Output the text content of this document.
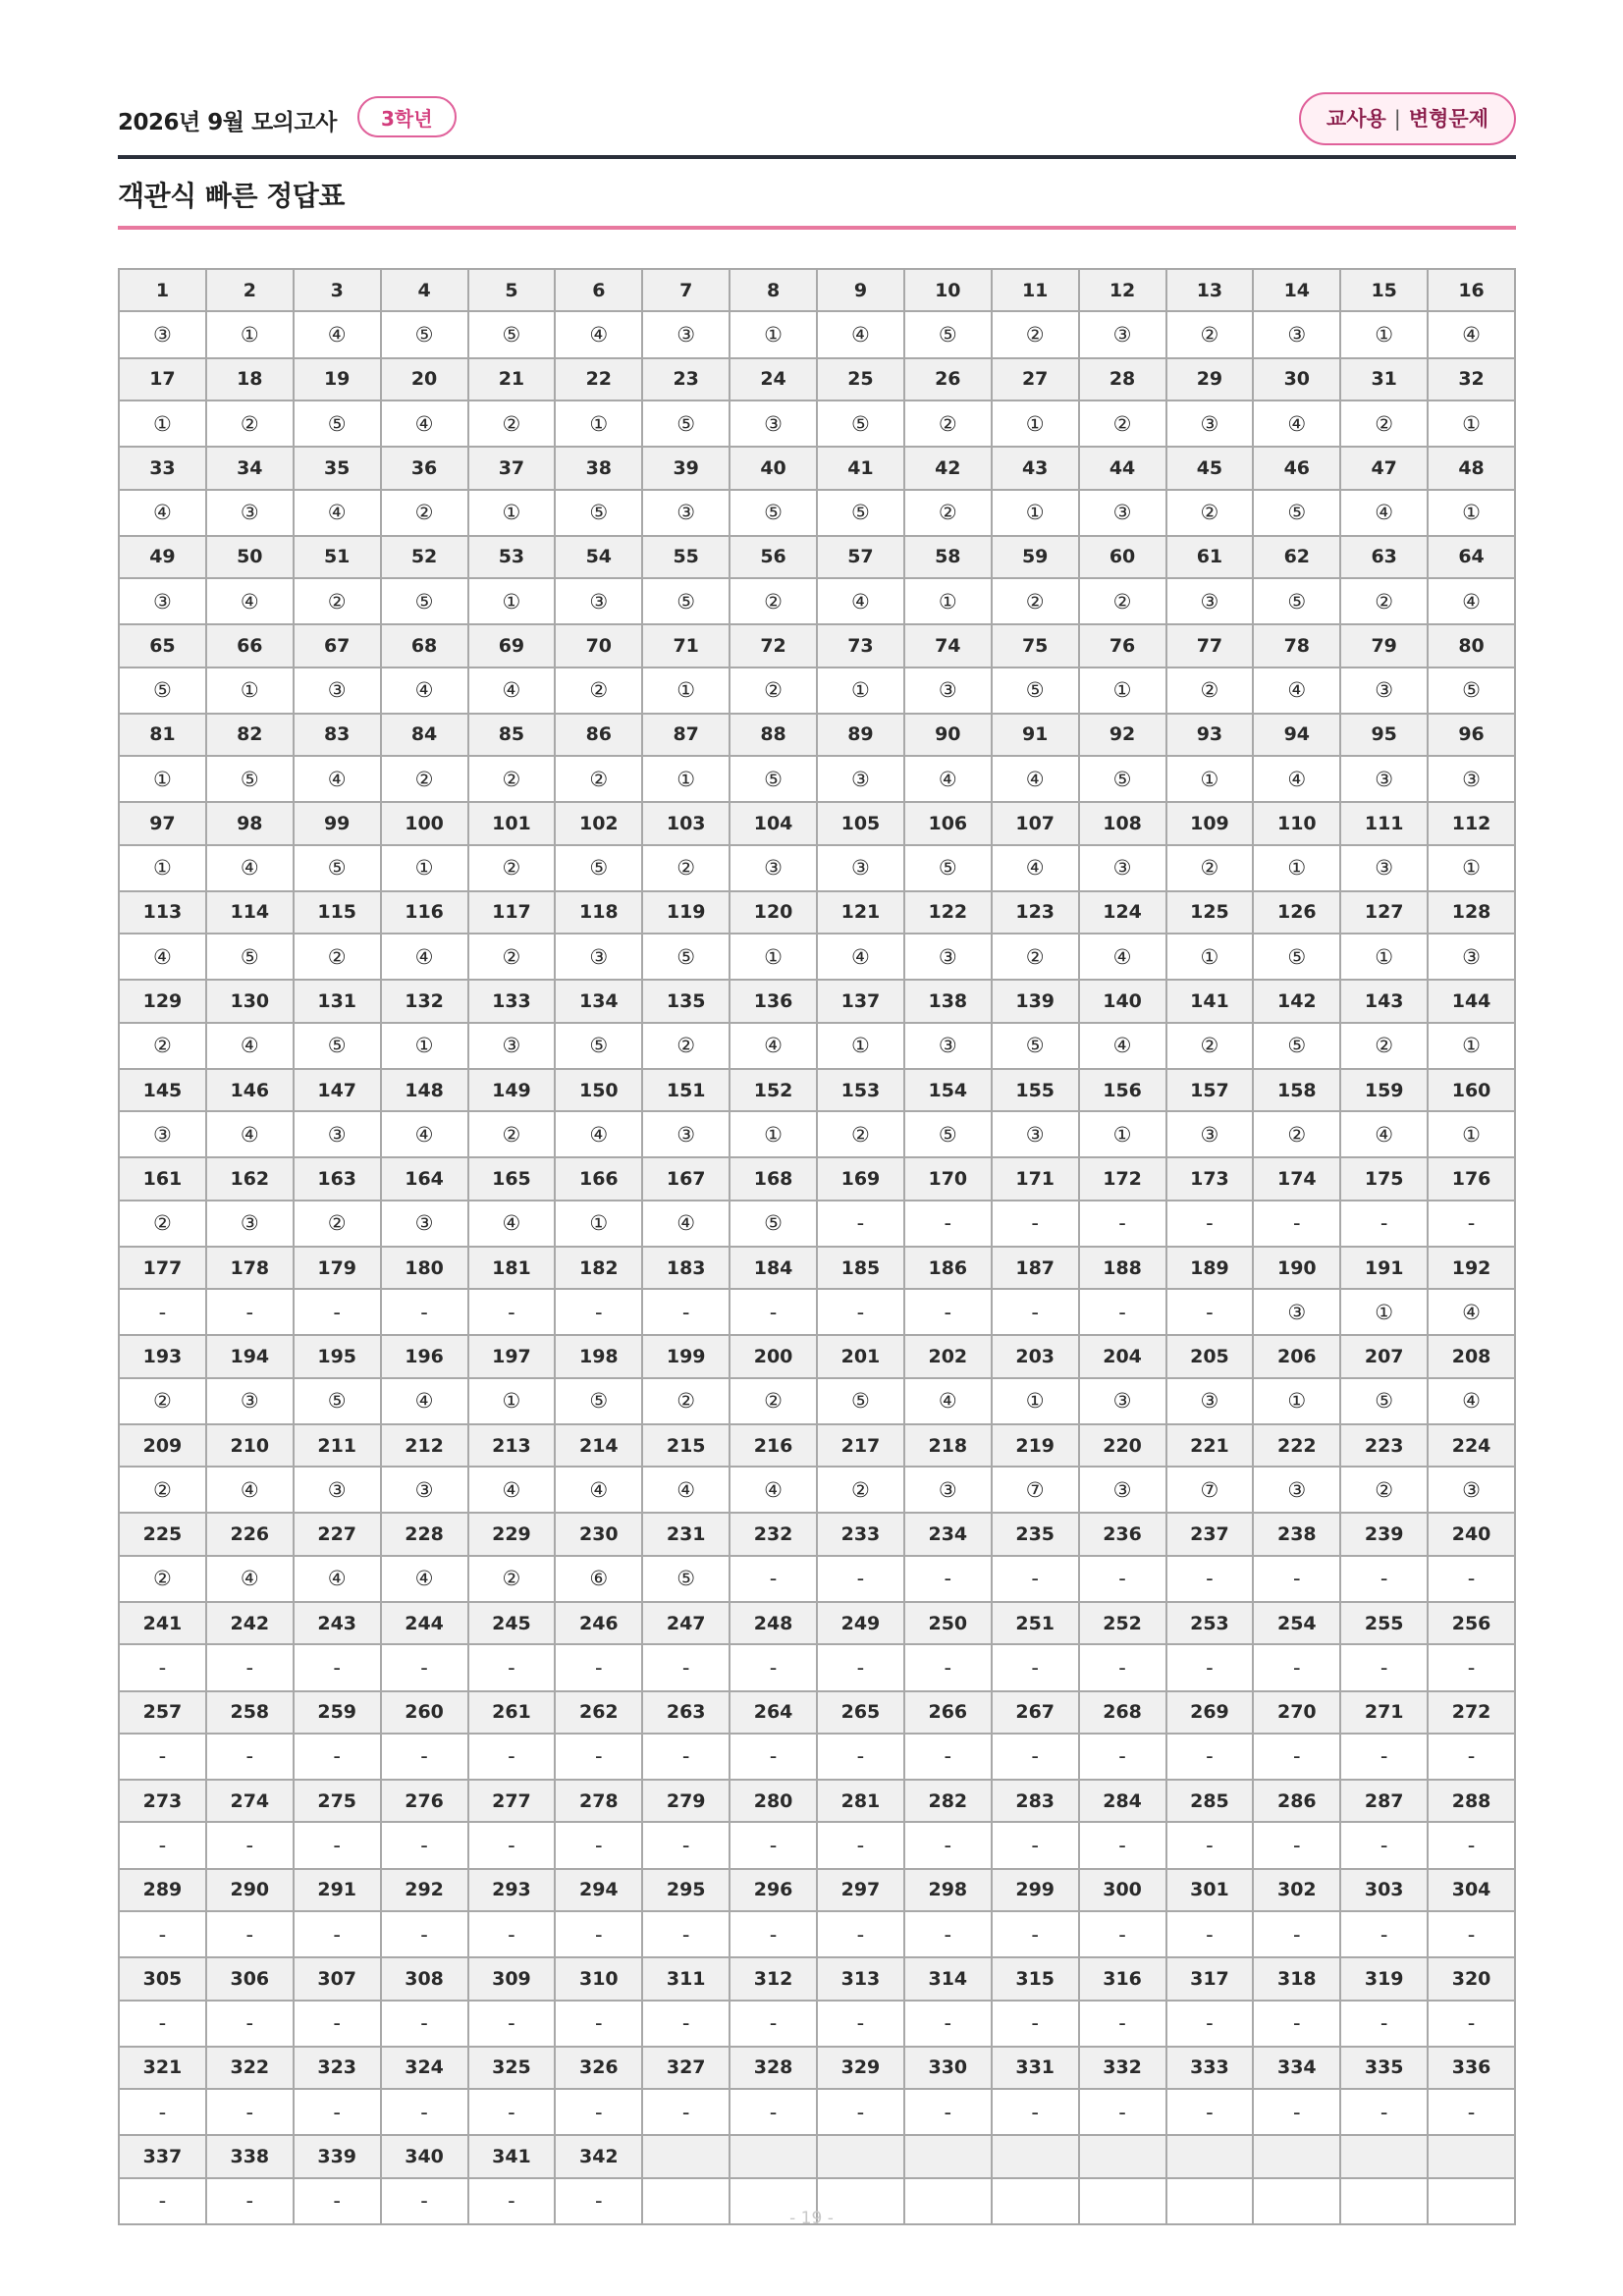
2026년 9월 모의고사	3학년	교사용 | 변형문제
객관식 빠른 정답표
1	2	3	4	5	6	7	8	9	10	11	12	13	14	15	16
③	①	④	⑤	⑤	④	③	①	④	⑤	②	③	②	③	①	④
17	18	19	20	21	22	23	24	25	26	27	28	29	30	31	32
①	②	⑤	④	②	①	⑤	③	⑤	②	①	②	③	④	②	①
33	34	35	36	37	38	39	40	41	42	43	44	45	46	47	48
④	③	④	②	①	⑤	③	⑤	⑤	②	①	③	②	⑤	④	①
49	50	51	52	53	54	55	56	57	58	59	60	61	62	63	64
③	④	②	⑤	①	③	⑤	②	④	①	②	②	③	⑤	②	④
65	66	67	68	69	70	71	72	73	74	75	76	77	78	79	80
⑤	①	③	④	④	②	①	②	①	③	⑤	①	②	④	③	⑤
81	82	83	84	85	86	87	88	89	90	91	92	93	94	95	96
①	⑤	④	②	②	②	①	⑤	③	④	④	⑤	①	④	③	③
97	98	99	100	101	102	103	104	105	106	107	108	109	110	111	112
①	④	⑤	①	②	⑤	②	③	③	⑤	④	③	②	①	③	①
113	114	115	116	117	118	119	120	121	122	123	124	125	126	127	128
④	⑤	②	④	②	③	⑤	①	④	③	②	④	①	⑤	①	③
129	130	131	132	133	134	135	136	137	138	139	140	141	142	143	144
②	④	⑤	①	③	⑤	②	④	①	③	⑤	④	②	⑤	②	①
145	146	147	148	149	150	151	152	153	154	155	156	157	158	159	160
③	④	③	④	②	④	③	①	②	⑤	③	①	③	②	④	①
161	162	163	164	165	166	167	168	169	170	171	172	173	174	175	176
②	③	②	③	④	①	④	⑤	-	-	-	-	-	-	-	-
177	178	179	180	181	182	183	184	185	186	187	188	189	190	191	192
-	-	-	-	-	-	-	-	-	-	-	-	-	③	①	④
193	194	195	196	197	198	199	200	201	202	203	204	205	206	207	208
②	③	⑤	④	①	⑤	②	②	⑤	④	①	③	③	①	⑤	④
209	210	211	212	213	214	215	216	217	218	219	220	221	222	223	224
②	④	③	③	④	④	④	④	②	③	⑦	③	⑦	③	②	③
225	226	227	228	229	230	231	232	233	234	235	236	237	238	239	240
②	④	④	④	②	⑥	⑤	-	-	-	-	-	-	-	-	-
241	242	243	244	245	246	247	248	249	250	251	252	253	254	255	256
-	-	-	-	-	-	-	-	-	-	-	-	-	-	-	-
257	258	259	260	261	262	263	264	265	266	267	268	269	270	271	272
-	-	-	-	-	-	-	-	-	-	-	-	-	-	-	-
273	274	275	276	277	278	279	280	281	282	283	284	285	286	287	288
-	-	-	-	-	-	-	-	-	-	-	-	-	-	-	-
289	290	291	292	293	294	295	296	297	298	299	300	301	302	303	304
-	-	-	-	-	-	-	-	-	-	-	-	-	-	-	-
305	306	307	308	309	310	311	312	313	314	315	316	317	318	319	320
-	-	-	-	-	-	-	-	-	-	-	-	-	-	-	-
321	322	323	324	325	326	327	328	329	330	331	332	333	334	335	336
-	-	-	-	-	-	-	-	-	-	-	-	-	-	-	-
337	338	339	340	341	342										
-	-	-	-	-	-										
- 19 -
